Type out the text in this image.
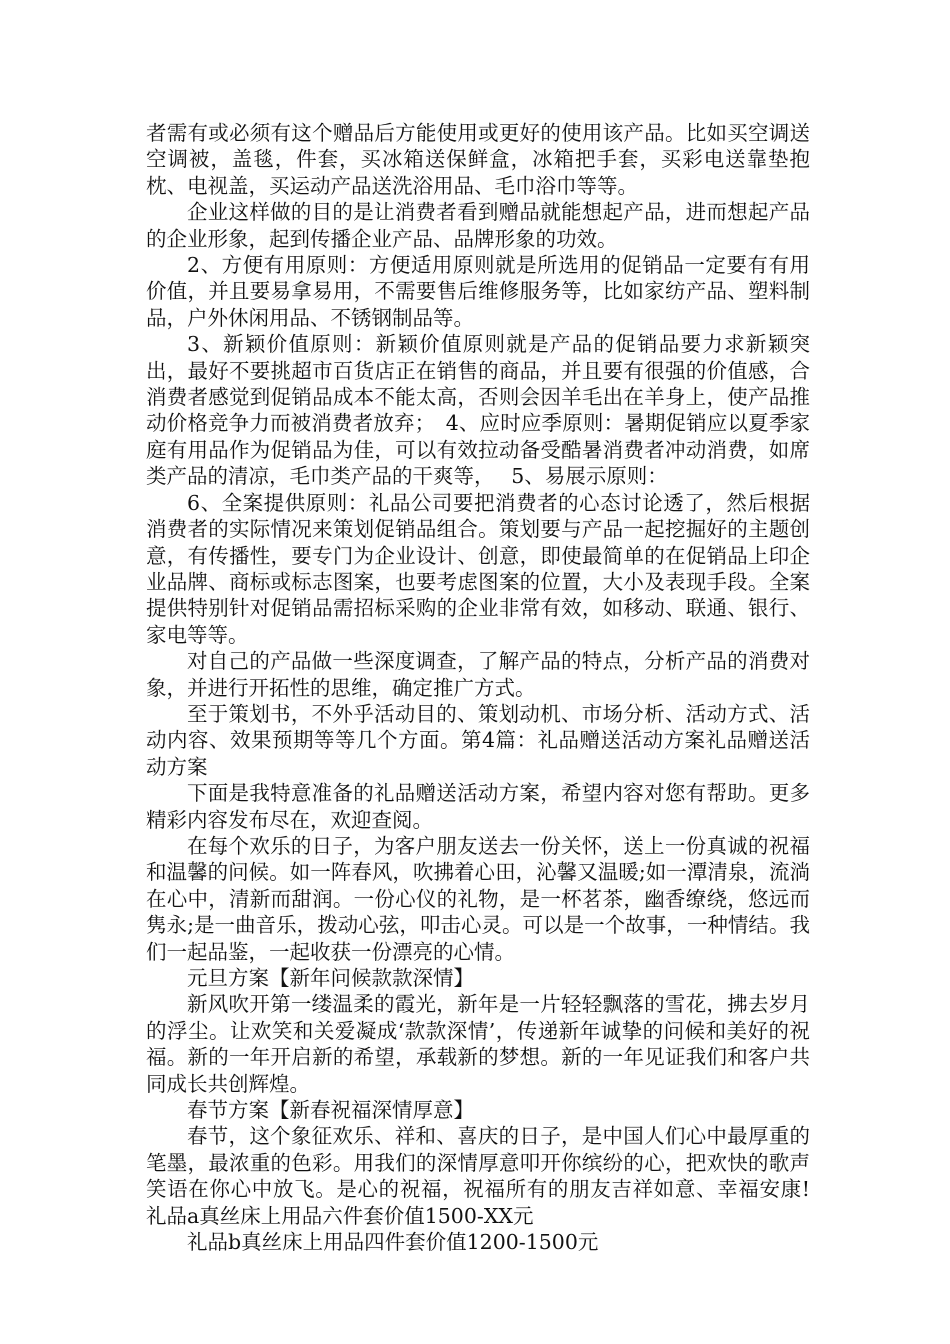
者需有或必须有这个赠品后方能使用或更好的使用该产品。比如买空调送空调被，盖毯，件套，买冰箱送保鲜盒，冰箱把手套，买彩电送靠垫抱枕、电视盖，买运动产品送洗浴用品、毛巾浴巾等等。

企业这样做的目的是让消费者看到赠品就能想起产品，进而想起产品的企业形象，起到传播企业产品、品牌形象的功效。

2、方便有用原则：方便适用原则就是所选用的促销品一定要有有用价值，并且要易拿易用，不需要售后维修服务等，比如家纺产品、塑料制品，户外休闲用品、不锈钢制品等。

3、新颖价值原则：新颖价值原则就是产品的促销品要力求新颖突出，最好不要挑超市百货店正在销售的商品，并且要有很强的价值感，合消费者感觉到促销品成本不能太高，否则会因羊毛出在羊身上，使产品推动价格竞争力而被消费者放弃；　4、应时应季原则：暑期促销应以夏季家庭有用品作为促销品为佳，可以有效拉动备受酷暑消费者冲动消费，如席类产品的清凉，毛巾类产品的干爽等，　 5、易展示原则：

6、全案提供原则：礼品公司要把消费者的心态讨论透了，然后根据消费者的实际情况来策划促销品组合。策划要与产品一起挖掘好的主题创意，有传播性，要专门为企业设计、创意，即使最简单的在促销品上印企业品牌、商标或标志图案，也要考虑图案的位置，大小及表现手段。全案提供特别针对促销品需招标采购的企业非常有效，如移动、联通、银行、家电等等。

对自己的产品做一些深度调查，了解产品的特点，分析产品的消费对象，并进行开拓性的思维，确定推广方式。

至于策划书，不外乎活动目的、策划动机、市场分析、活动方式、活动内容、效果预期等等几个方面。第4篇：礼品赠送活动方案礼品赠送活动方案

下面是我特意准备的礼品赠送活动方案，希望内容对您有帮助。更多精彩内容发布尽在，欢迎查阅。

在每个欢乐的日子，为客户朋友送去一份关怀，送上一份真诚的祝福和温馨的问候。如一阵春风，吹拂着心田，沁馨又温暖;如一潭清泉，流淌在心中，清新而甜润。一份心仪的礼物，是一杯茗茶，幽香缭绕，悠远而隽永;是一曲音乐，拨动心弦，叩击心灵。可以是一个故事，一种情结。我们一起品鉴，一起收获一份漂亮的心情。

元旦方案【新年问候款款深情】

新风吹开第一缕温柔的霞光，新年是一片轻轻飘落的雪花，拂去岁月的浮尘。让欢笑和关爱凝成‘款款深情’，传递新年诚挚的问候和美好的祝福。新的一年开启新的希望，承载新的梦想。新的一年见证我们和客户共同成长共创辉煌。

春节方案【新春祝福深情厚意】

春节，这个象征欢乐、祥和、喜庆的日子，是中国人们心中最厚重的笔墨，最浓重的色彩。用我们的深情厚意叩开你缤纷的心，把欢快的歌声笑语在你心中放飞。是心的祝福，祝福所有的朋友吉祥如意、幸福安康!　礼品a真丝床上用品六件套价值1500-XX元

礼品b真丝床上用品四件套价值1200-1500元
